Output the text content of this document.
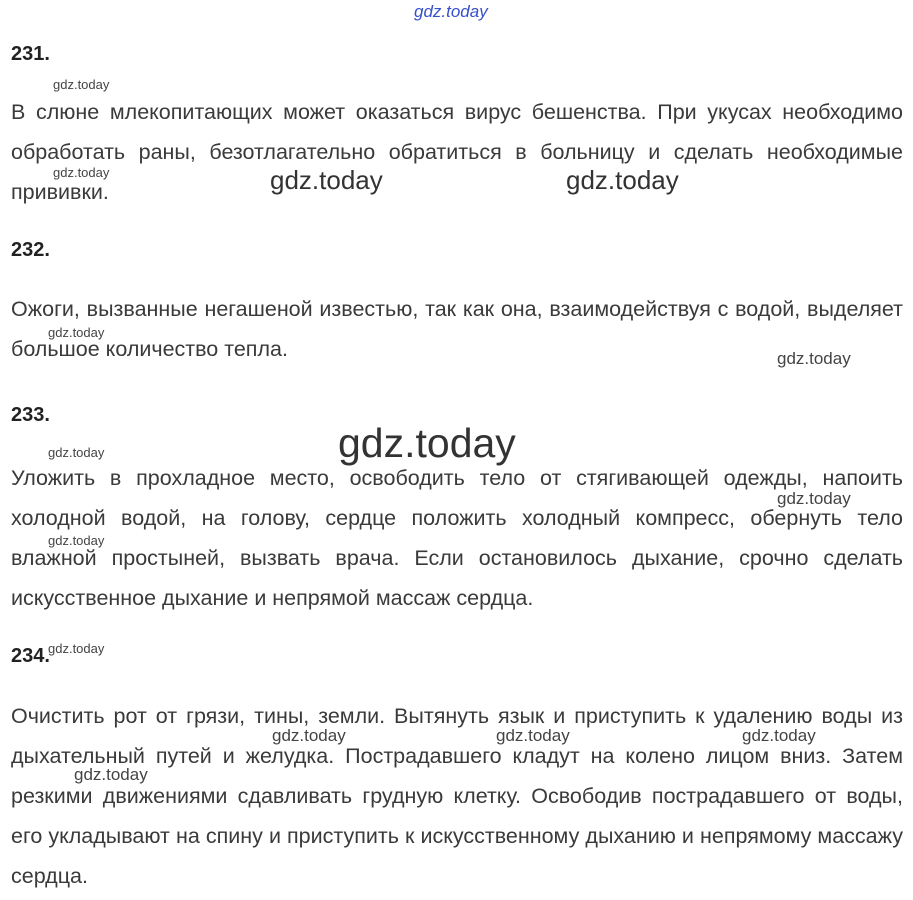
231.

В слюне млекопитающих может оказаться вирус бешенства. При укусах необходимо обработать раны, безотлагательно обратиться в больницу и сделать необходимые прививки.

232.

Ожоги, вызванные негашеной известью, так как она, взаимодействуя с водой, выделяет большое количество тепла.

233.

Уложить в прохладное место, освободить тело от стягивающей одежды, напоить холодной водой, на голову, сердце положить холодный компресс, обернуть тело влажной простыней, вызвать врача. Если остановилось дыхание, срочно сделать искусственное дыхание и непрямой массаж сердца.

234.

Очистить рот от грязи, тины, земли. Вытянуть язык и приступить к удалению воды из дыхательный путей и желудка. Пострадавшего кладут на колено лицом вниз. Затем резкими движениями сдавливать грудную клетку. Освободив пострадавшего от воды, его укладывают на спину и приступить к искусственному дыханию и непрямому массажу сердца.

gdz.today
gdz.today
gdz.today	gdz.today	gdz.today
gdz.today
gdz.today
gdz.today
gdz.today
gdz.today
gdz.today
gdz.today
gdz.today	gdz.today	gdz.today
gdz.today
